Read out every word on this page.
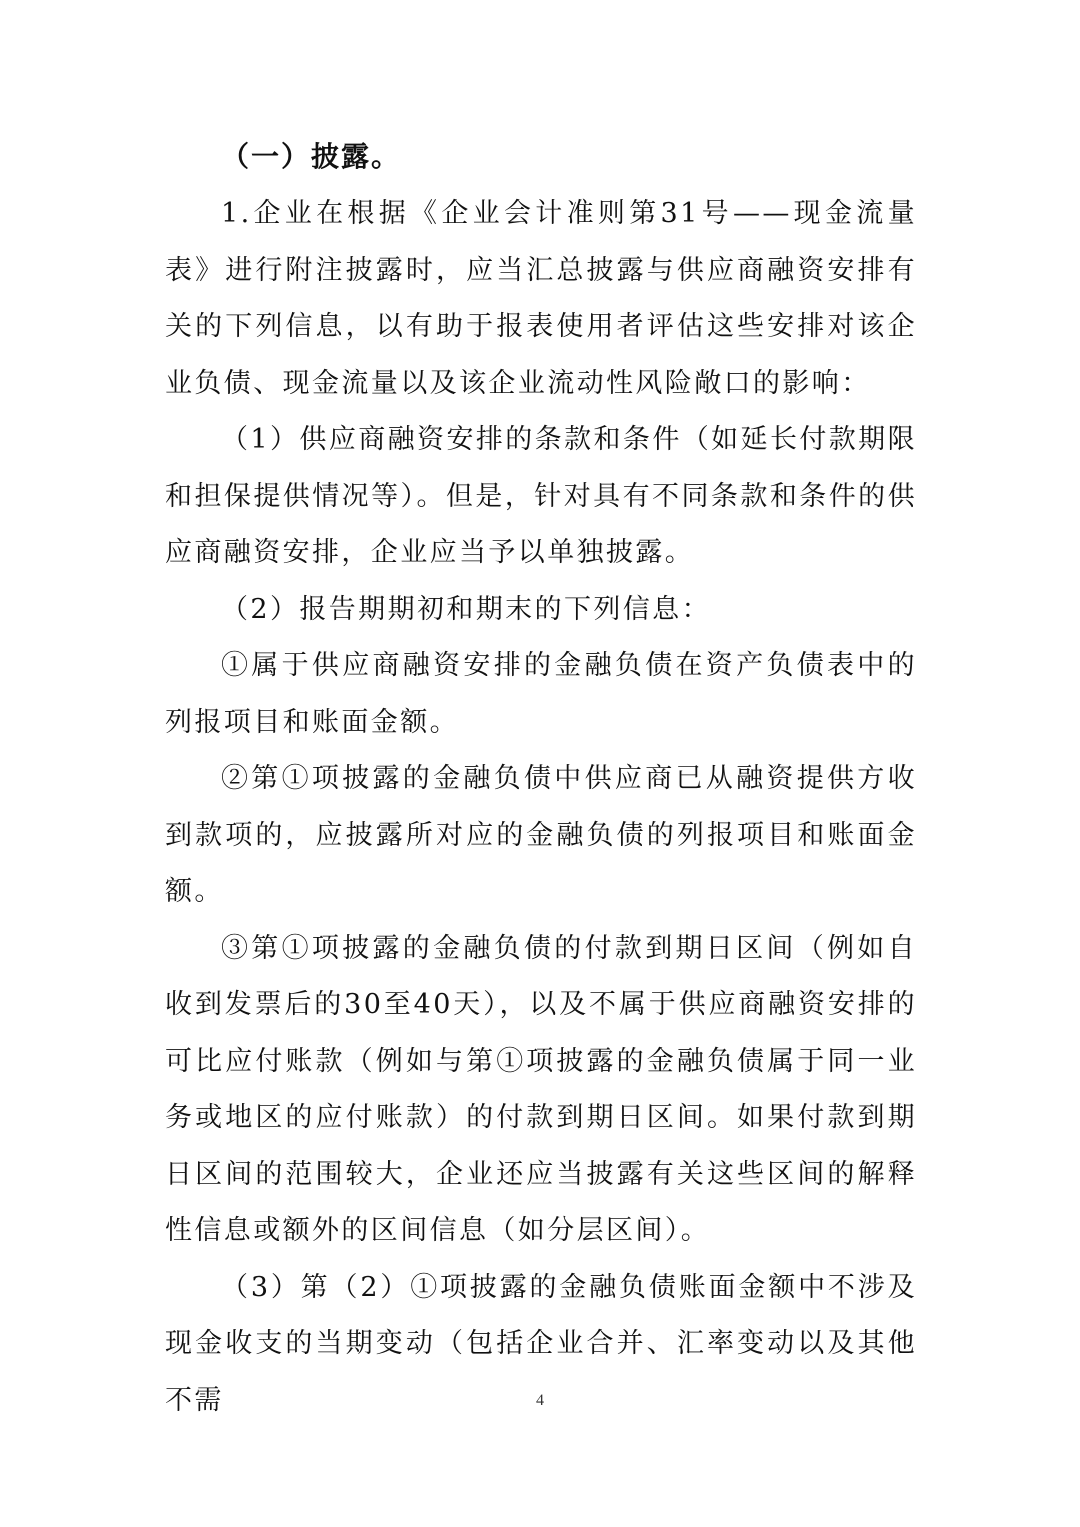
（一）披露。

1.企业在根据《企业会计准则第31号——现金流量表》进行附注披露时，应当汇总披露与供应商融资安排有关的下列信息，以有助于报表使用者评估这些安排对该企业负债、现金流量以及该企业流动性风险敞口的影响：

（1）供应商融资安排的条款和条件（如延长付款期限和担保提供情况等）。但是，针对具有不同条款和条件的供应商融资安排，企业应当予以单独披露。

（2）报告期期初和期末的下列信息：

①属于供应商融资安排的金融负债在资产负债表中的列报项目和账面金额。

②第①项披露的金融负债中供应商已从融资提供方收到款项的，应披露所对应的金融负债的列报项目和账面金额。

③第①项披露的金融负债的付款到期日区间（例如自收到发票后的30至40天），以及不属于供应商融资安排的可比应付账款（例如与第①项披露的金融负债属于同一业务或地区的应付账款）的付款到期日区间。如果付款到期日区间的范围较大，企业还应当披露有关这些区间的解释性信息或额外的区间信息（如分层区间）。

（3）第（2）①项披露的金融负债账面金额中不涉及现金收支的当期变动（包括企业合并、汇率变动以及其他不需	4
